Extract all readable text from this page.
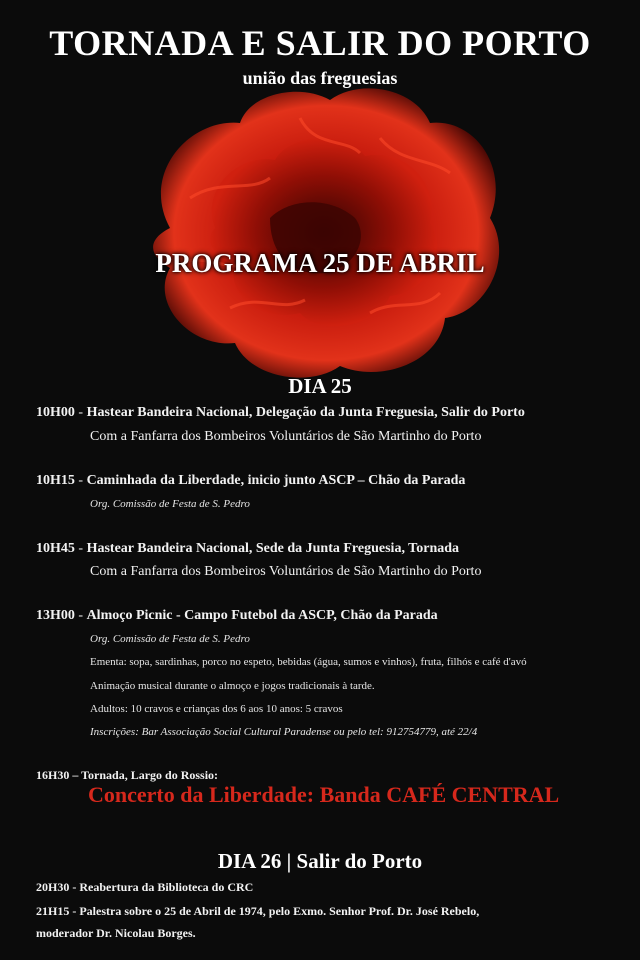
TORNADA E SALIR DO PORTO
união das freguesias
PROGRAMA 25 DE ABRIL
DIA 25
10H00 - Hastear Bandeira Nacional, Delegação da Junta Freguesia, Salir do Porto
Com a Fanfarra dos Bombeiros Voluntários de São Martinho do Porto
10H15 - Caminhada da Liberdade, inicio junto ASCP – Chão da Parada
Org. Comissão de Festa de S. Pedro
10H45 - Hastear Bandeira Nacional, Sede da Junta Freguesia, Tornada
Com a Fanfarra dos Bombeiros Voluntários de São Martinho do Porto
13H00 - Almoço Picnic - Campo Futebol da ASCP, Chão da Parada
Org. Comissão de Festa de S. Pedro
Ementa: sopa, sardinhas, porco no espeto, bebidas (água, sumos e vinhos), fruta, filhós e café d'avó
Animação musical durante o almoço e jogos tradicionais à tarde.
Adultos: 10 cravos e crianças dos 6 aos 10 anos: 5 cravos
Inscrições: Bar Associação Social Cultural Paradense ou pelo tel: 912754779, até 22/4
16H30 – Tornada, Largo do Rossio:
Concerto da Liberdade: Banda CAFÉ CENTRAL
DIA 26 | Salir do Porto
20H30 - Reabertura da Biblioteca do CRC
21H15 - Palestra sobre o 25 de Abril de 1974, pelo Exmo. Senhor Prof. Dr. José Rebelo,
moderador Dr. Nicolau Borges.
